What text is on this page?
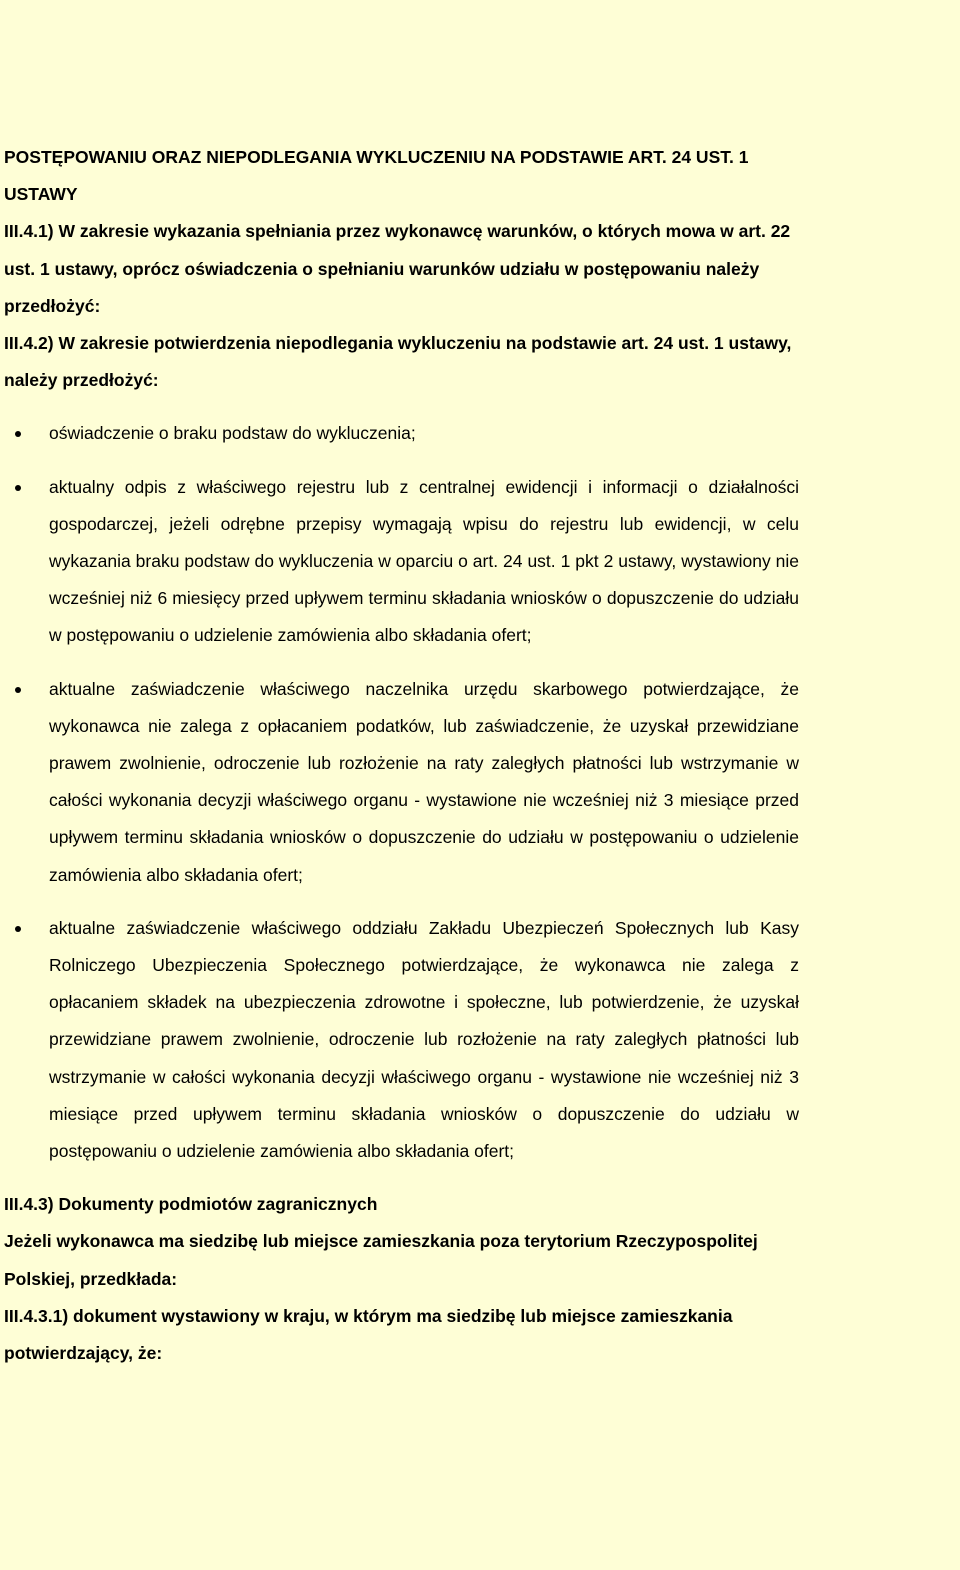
POSTĘPOWANIU ORAZ NIEPODLEGANIA WYKLUCZENIU NA PODSTAWIE ART. 24 UST. 1

USTAWY

III.4.1) W zakresie wykazania spełniania przez wykonawcę warunków, o których mowa w art. 22 ust. 1 ustawy, oprócz oświadczenia o spełnianiu warunków udziału w postępowaniu należy przedłożyć:

III.4.2) W zakresie potwierdzenia niepodlegania wykluczeniu na podstawie art. 24 ust. 1 ustawy, należy przedłożyć:

oświadczenie o braku podstaw do wykluczenia;
aktualny odpis z właściwego rejestru lub z centralnej ewidencji i informacji o działalności gospodarczej, jeżeli odrębne przepisy wymagają wpisu do rejestru lub ewidencji, w celu wykazania braku podstaw do wykluczenia w oparciu o art. 24 ust. 1 pkt 2 ustawy, wystawiony nie wcześniej niż 6 miesięcy przed upływem terminu składania wniosków o dopuszczenie do udziału w postępowaniu o udzielenie zamówienia albo składania ofert;
aktualne zaświadczenie właściwego naczelnika urzędu skarbowego potwierdzające, że wykonawca nie zalega z opłacaniem podatków, lub zaświadczenie, że uzyskał przewidziane prawem zwolnienie, odroczenie lub rozłożenie na raty zaległych płatności lub wstrzymanie w całości wykonania decyzji właściwego organu - wystawione nie wcześniej niż 3 miesiące przed upływem terminu składania wniosków o dopuszczenie do udziału w postępowaniu o udzielenie zamówienia albo składania ofert;
aktualne zaświadczenie właściwego oddziału Zakładu Ubezpieczeń Społecznych lub Kasy Rolniczego Ubezpieczenia Społecznego potwierdzające, że wykonawca nie zalega z opłacaniem składek na ubezpieczenia zdrowotne i społeczne, lub potwierdzenie, że uzyskał przewidziane prawem zwolnienie, odroczenie lub rozłożenie na raty zaległych płatności lub wstrzymanie w całości wykonania decyzji właściwego organu - wystawione nie wcześniej niż 3 miesiące przed upływem terminu składania wniosków o dopuszczenie do udziału w postępowaniu o udzielenie zamówienia albo składania ofert;

III.4.3) Dokumenty podmiotów zagranicznych

Jeżeli wykonawca ma siedzibę lub miejsce zamieszkania poza terytorium Rzeczypospolitej Polskiej, przedkłada:

III.4.3.1) dokument wystawiony w kraju, w którym ma siedzibę lub miejsce zamieszkania potwierdzający, że:
